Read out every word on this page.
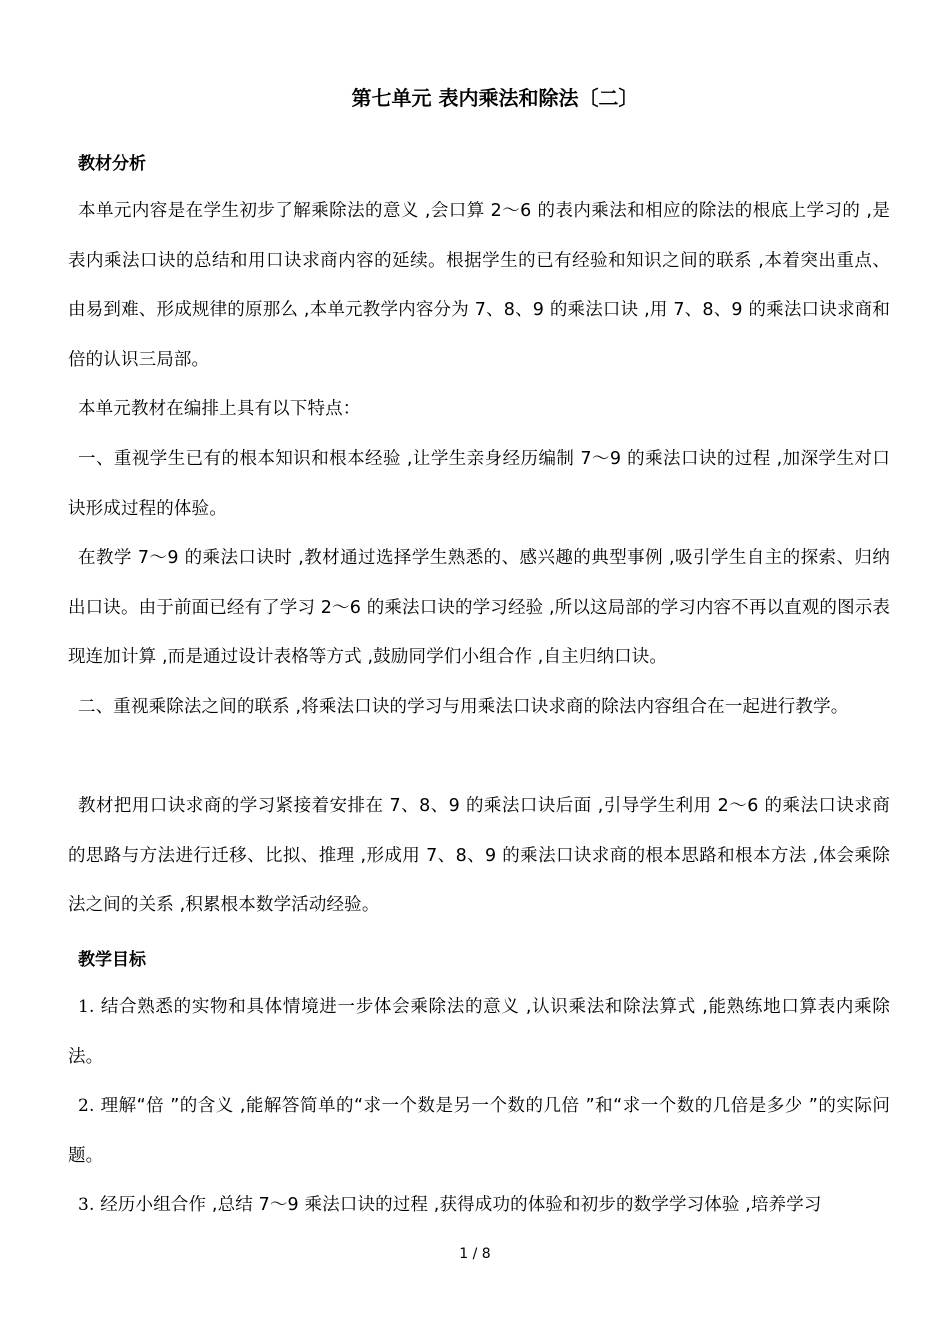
第七单元 表内乘法和除法〔二〕
教材分析
本单元内容是在学生初步了解乘除法的意义 ,会口算 2～6 的表内乘法和相应的除法的根底上学习的 ,是表内乘法口诀的总结和用口诀求商内容的延续。根据学生的已有经验和知识之间的联系 ,本着突出重点、由易到难、形成规律的原那么 ,本单元教学内容分为 7、8、9 的乘法口诀 ,用 7、8、9 的乘法口诀求商和倍的认识三局部。
本单元教材在编排上具有以下特点：
一、重视学生已有的根本知识和根本经验 ,让学生亲身经历编制 7～9 的乘法口诀的过程 ,加深学生对口诀形成过程的体验。
在教学 7～9 的乘法口诀时 ,教材通过选择学生熟悉的、感兴趣的典型事例 ,吸引学生自主的探索、归纳出口诀。由于前面已经有了学习 2～6 的乘法口诀的学习经验 ,所以这局部的学习内容不再以直观的图示表现连加计算 ,而是通过设计表格等方式 ,鼓励同学们小组合作 ,自主归纳口诀。
二、重视乘除法之间的联系 ,将乘法口诀的学习与用乘法口诀求商的除法内容组合在一起进行教学。
教材把用口诀求商的学习紧接着安排在 7、8、9 的乘法口诀后面 ,引导学生利用 2～6 的乘法口诀求商的思路与方法进行迁移、比拟、推理 ,形成用 7、8、9 的乘法口诀求商的根本思路和根本方法 ,体会乘除法之间的关系 ,积累根本数学活动经验。
教学目标
1. 结合熟悉的实物和具体情境进一步体会乘除法的意义 ,认识乘法和除法算式 ,能熟练地口算表内乘除法。
2. 理解“倍 ”的含义 ,能解答简单的“求一个数是另一个数的几倍 ”和“求一个数的几倍是多少 ”的实际问题。
3. 经历小组合作 ,总结 7～9 乘法口诀的过程 ,获得成功的体验和初步的数学学习体验 ,培养学习
1 / 8
